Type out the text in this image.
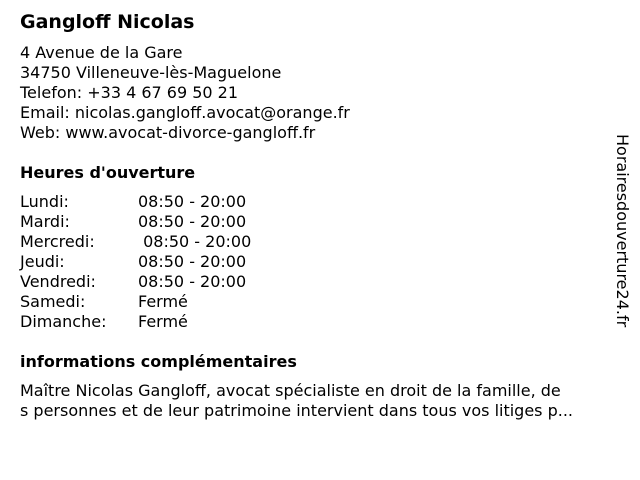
Gangloff Nicolas
4 Avenue de la Gare
34750 Villeneuve-lès-Maguelone
Telefon: +33 4 67 69 50 21
Email: nicolas.gangloff.avocat@orange.fr
Web: www.avocat-divorce-gangloff.fr
Heures d'ouverture
Lundi:	08:50 - 20:00
Mardi:	08:50 - 20:00
Mercredi:	08:50 - 20:00
Jeudi:	08:50 - 20:00
Vendredi:	08:50 - 20:00
Samedi:	Fermé
Dimanche:	Fermé
informations complémentaires
Maître Nicolas Gangloff, avocat spécialiste en droit de la famille, de
s personnes et de leur patrimoine intervient dans tous vos litiges p...
Horairesdouverture24.fr
